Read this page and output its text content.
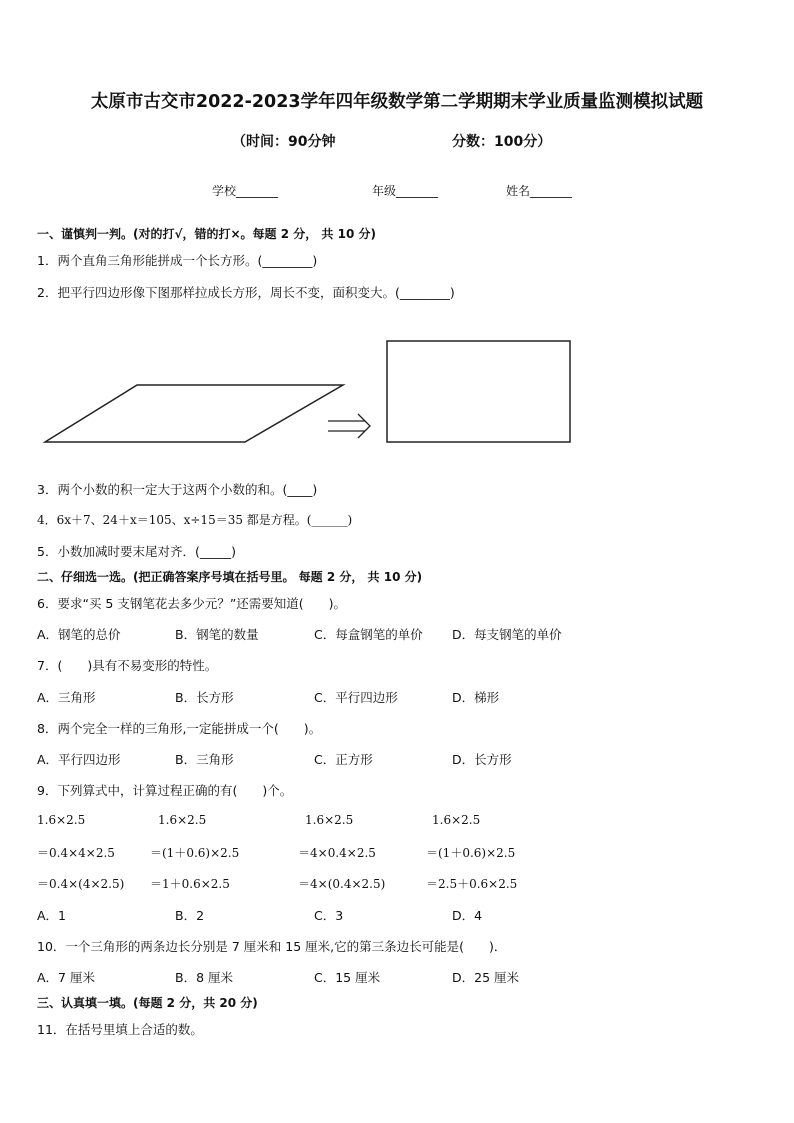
太原市古交市2022-2023学年四年级数学第二学期期末学业质量监测模拟试题
（时间：90分钟	分数：100分）
学校_______	年级_______	姓名_______
一、谨慎判一判。(对的打√，错的打×。每题 2 分， 共 10 分)
1．两个直角三角形能拼成一个长方形。(________)
2．把平行四边形像下图那样拉成长方形，周长不变，面积变大。(________)
3．两个小数的积一定大于这两个小数的和。(____)
4．6x＋7、24＋x＝105、x÷15＝35 都是方程。(______)
5．小数加减时要末尾对齐．(_____)
二、仔细选一选。(把正确答案序号填在括号里。 每题 2 分， 共 10 分)
6．要求“买 5 支钢笔花去多少元？”还需要知道(　　)。
A．钢笔的总价	B．钢笔的数量	C．每盒钢笔的单价 D．每支钢笔的单价
7．(　　)具有不易变形的特性。
A．三角形	B．长方形	C．平行四边形	D．梯形
8．两个完全一样的三角形,一定能拼成一个(　　)。
A．平行四边形	B．三角形	C．正方形	D．长方形
9．下列算式中，计算过程正确的有(　　)个。
1.6×2.5	1.6×2.5	1.6×2.5	1.6×2.5
＝0.4×4×2.5	＝(1＋0.6)×2.5	＝4×0.4×2.5	＝(1＋0.6)×2.5
＝0.4×(4×2.5) ＝1＋0.6×2.5	＝4×(0.4×2.5)	＝2.5＋0.6×2.5
A．1	B．2	C．3	D．4
10．一个三角形的两条边长分别是 7 厘米和 15 厘米,它的第三条边长可能是(　　)．
A．7 厘米	B．8 厘米	C．15 厘米	D．25 厘米
三、认真填一填。(每题 2 分，共 20 分)
11．在括号里填上合适的数。
